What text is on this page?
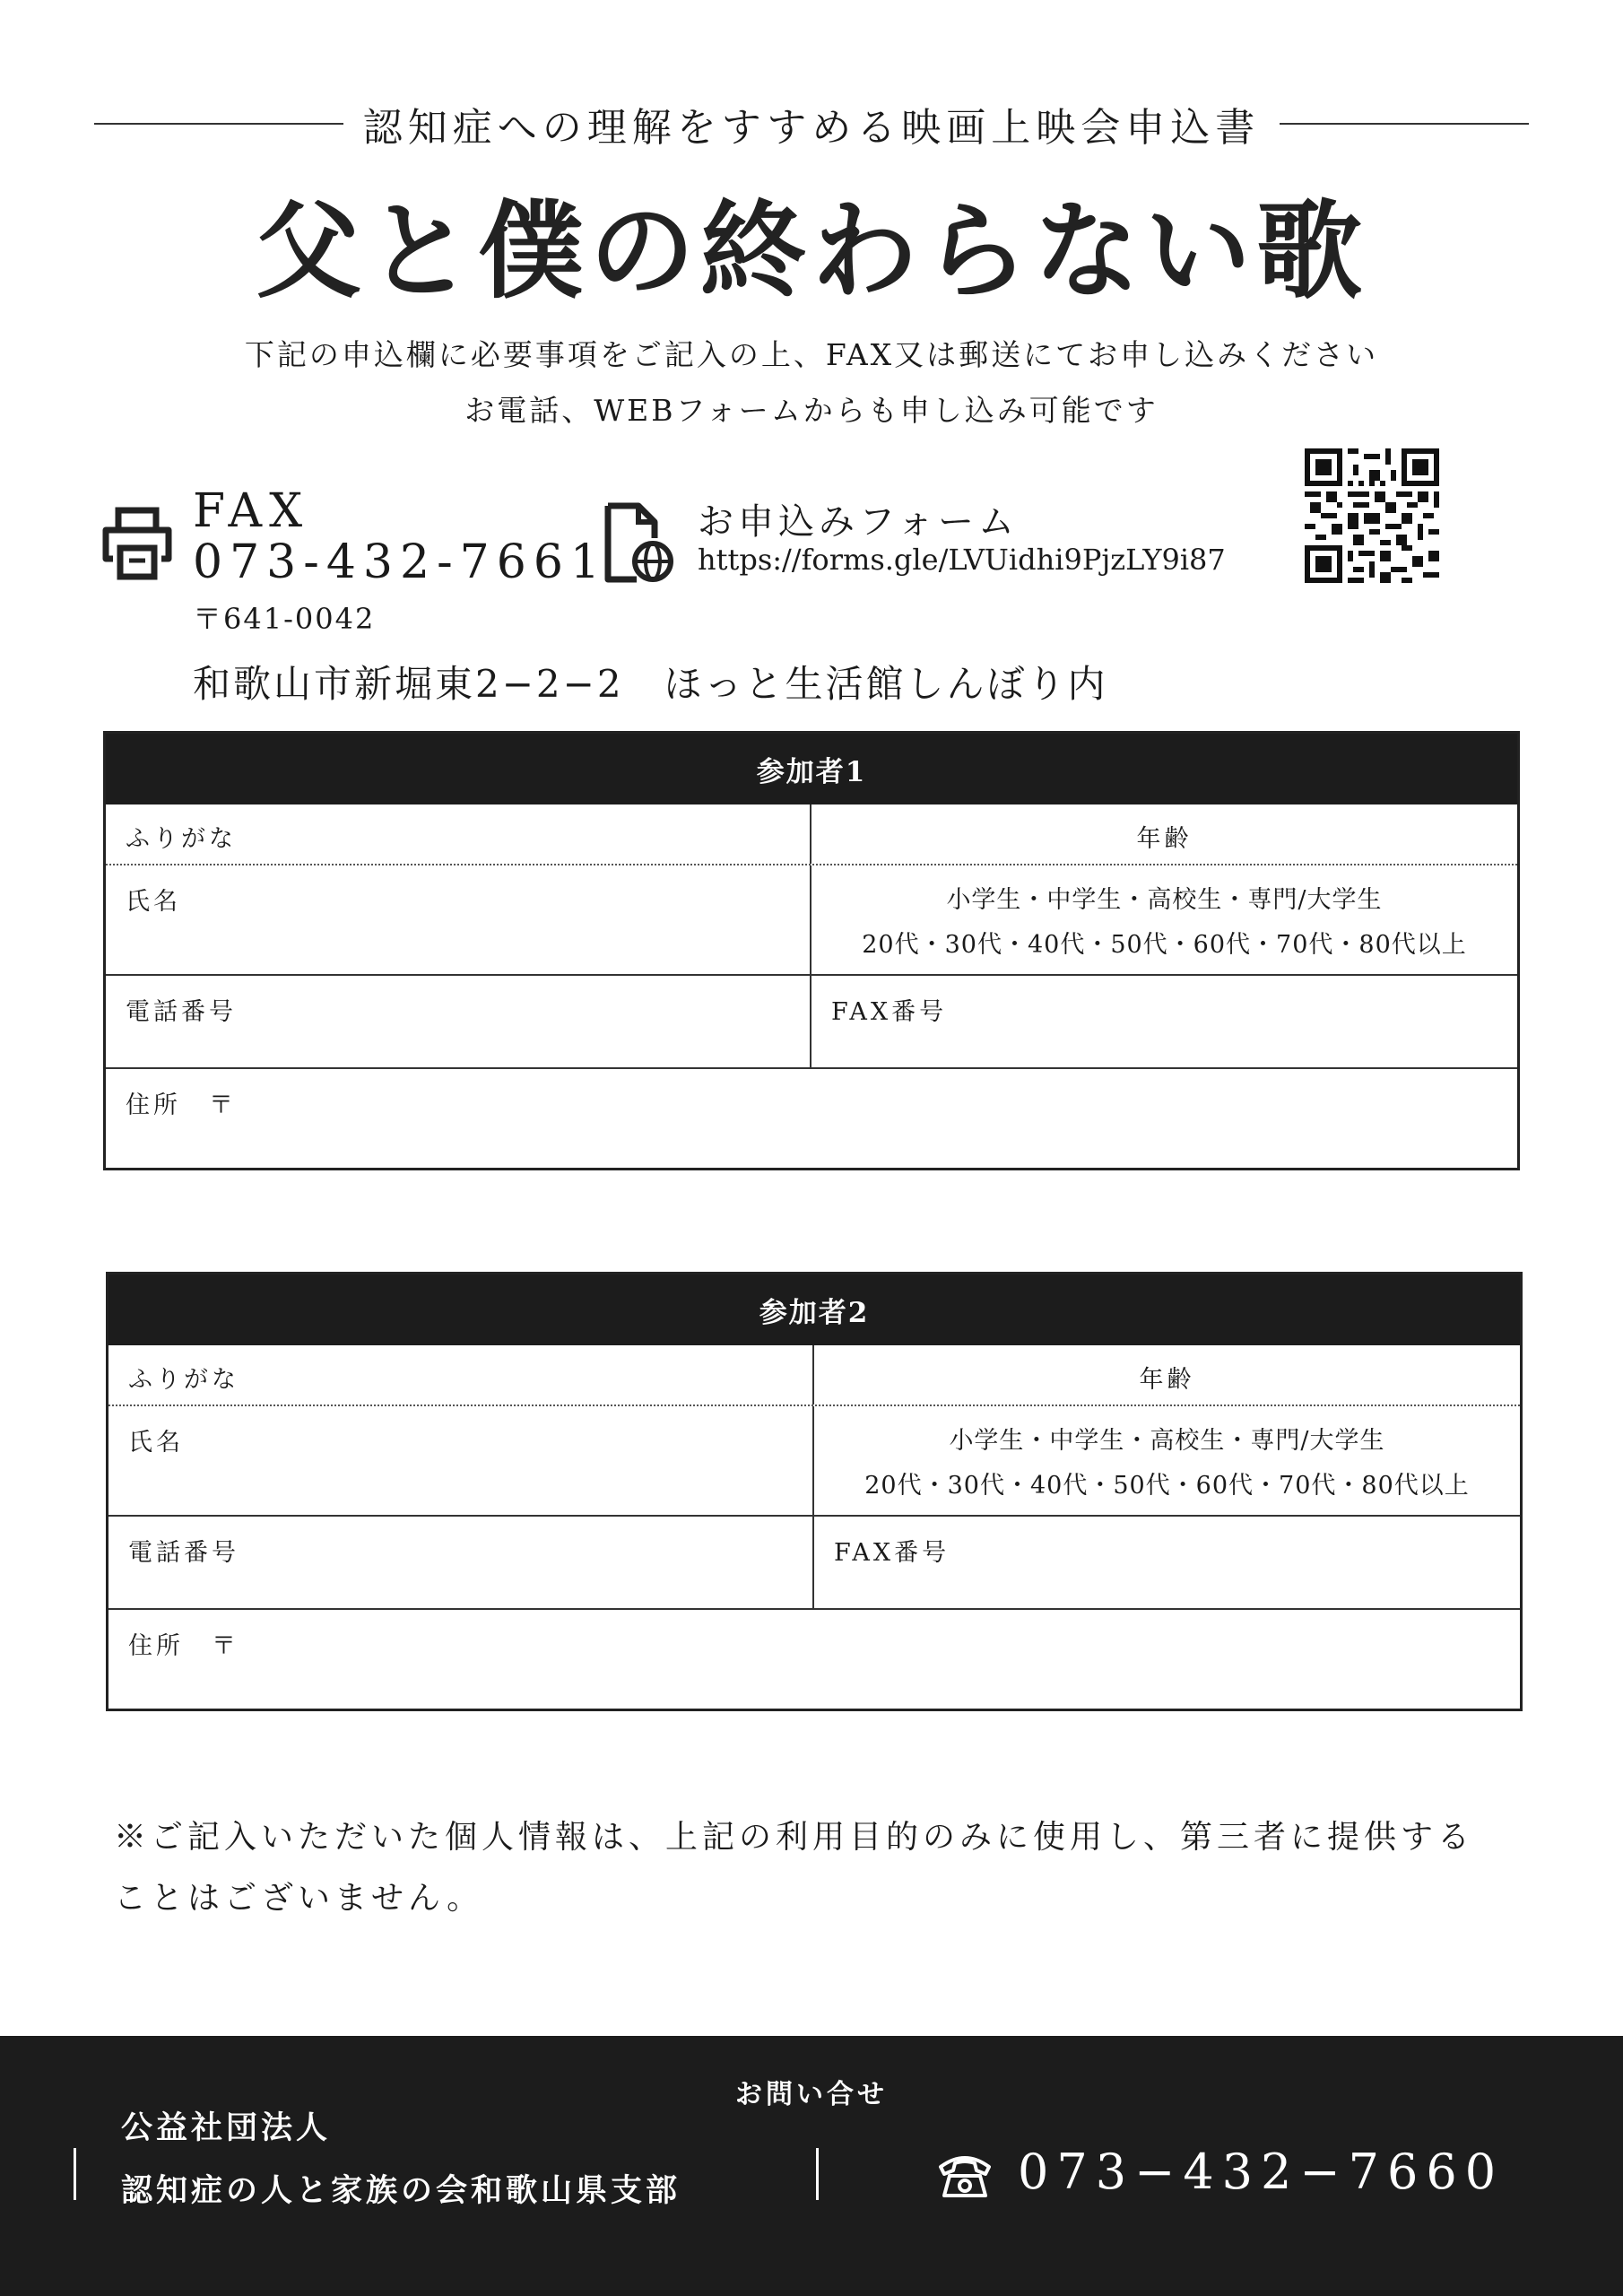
認知症への理解をすすめる映画上映会申込書
父と僕の終わらない歌
下記の申込欄に必要事項をご記入の上、FAX又は郵送にてお申し込みください
お電話、WEBフォームからも申し込み可能です
FAX
073-432-7661
お申込みフォーム
https://forms.gle/LVUidhi9PjzLY9i87
〒641-0042
和歌山市新堀東2−2−2　ほっと生活館しんぼり内
参加者1
ふりがな	年齢
氏名	小学生・中学生・高校生・専門/大学生
20代・30代・40代・50代・60代・70代・80代以上
電話番号	FAX番号
住所　〒
参加者2
ふりがな	年齢
氏名	小学生・中学生・高校生・専門/大学生
20代・30代・40代・50代・60代・70代・80代以上
電話番号	FAX番号
住所　〒
※ご記入いただいた個人情報は、上記の利用目的のみに使用し、第三者に提供する
ことはございません。
お問い合せ
公益社団法人
認知症の人と家族の会和歌山県支部	073−432−7660
